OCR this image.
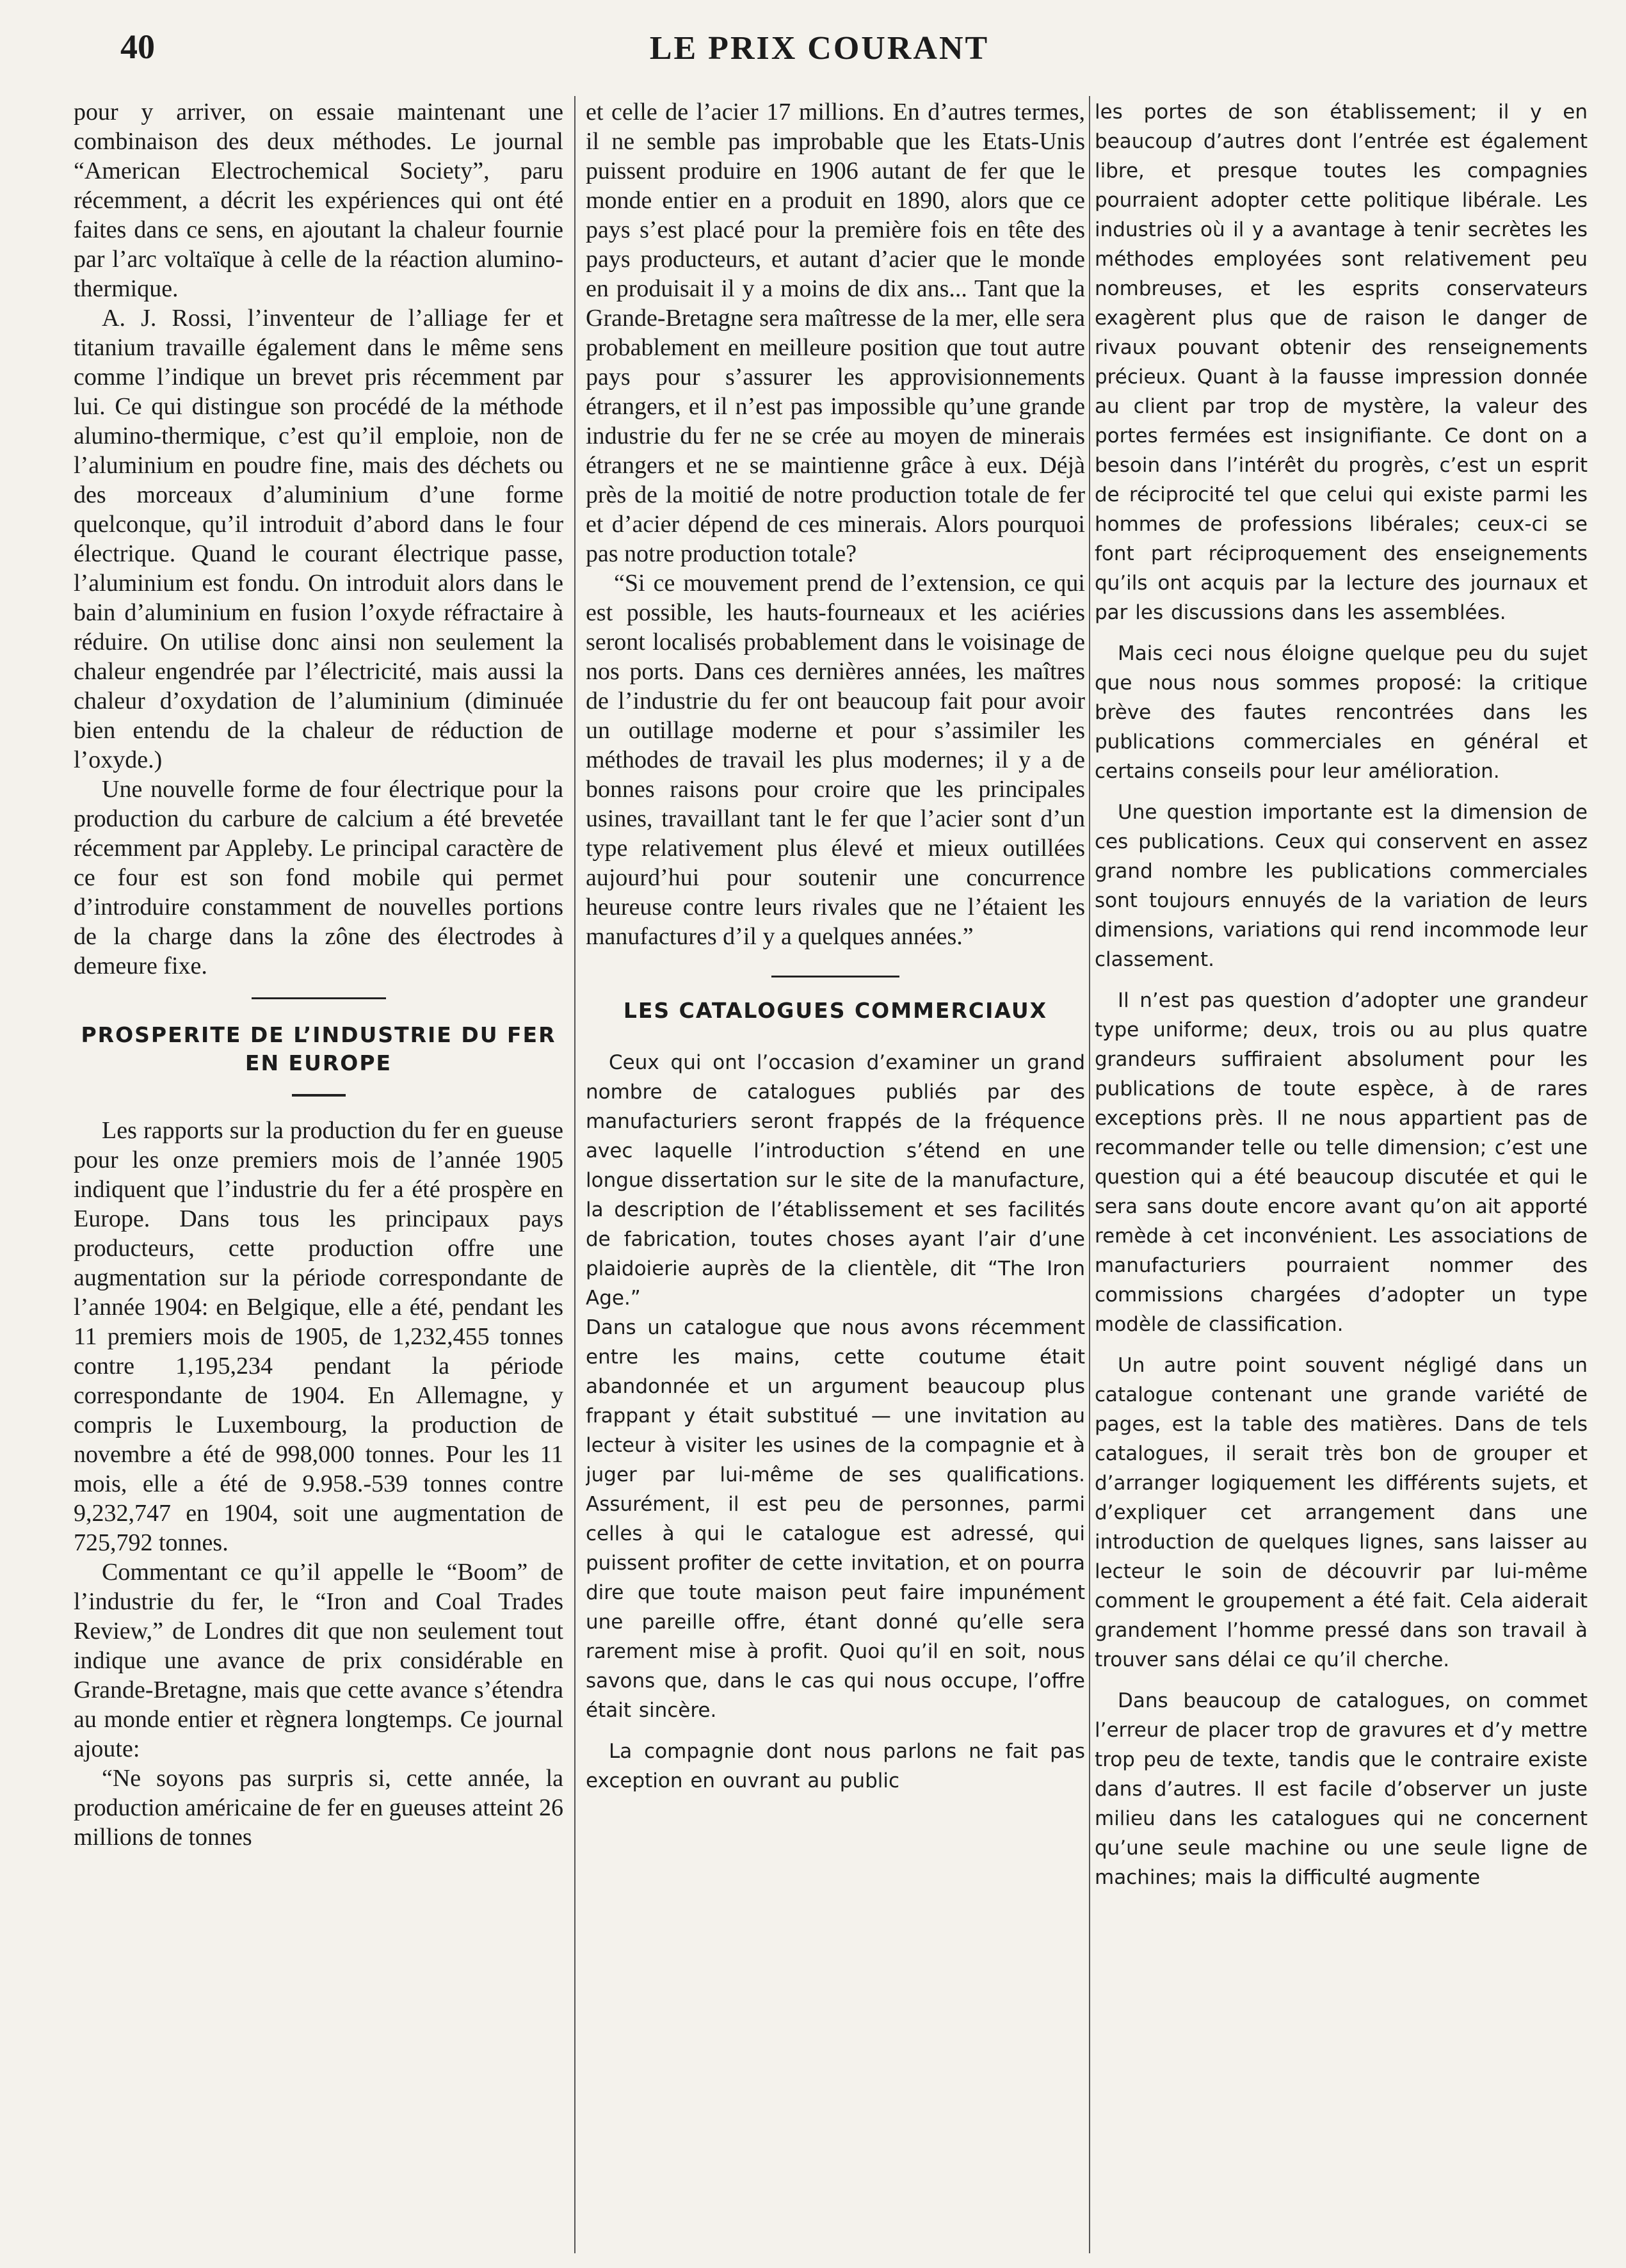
40	LE PRIX COURANT

pour y arriver, on essaie maintenant une combinaison des deux méthodes. Le journal “American Electrochemical Society”, paru récemment, a décrit les expériences qui ont été faites dans ce sens, en ajoutant la chaleur fournie par l’arc voltaïque à celle de la réaction alumino-thermique.

A. J. Rossi, l’inventeur de l’alliage fer et titanium travaille également dans le même sens comme l’indique un brevet pris récemment par lui. Ce qui distingue son procédé de la méthode alumino-thermique, c’est qu’il emploie, non de l’aluminium en poudre fine, mais des déchets ou des morceaux d’aluminium d’une forme quelconque, qu’il introduit d’abord dans le four électrique. Quand le courant électrique passe, l’aluminium est fondu. On introduit alors dans le bain d’aluminium en fusion l’oxyde réfractaire à réduire. On utilise donc ainsi non seulement la chaleur engendrée par l’électricité, mais aussi la chaleur d’oxydation de l’aluminium (diminuée bien entendu de la chaleur de réduction de l’oxyde.)

Une nouvelle forme de four électrique pour la production du carbure de calcium a été brevetée récemment par Appleby. Le principal caractère de ce four est son fond mobile qui permet d’introduire constamment de nouvelles portions de la charge dans la zône des électrodes à demeure fixe.

PROSPERITE DE L’INDUSTRIE DU FER EN EUROPE

Les rapports sur la production du fer en gueuse pour les onze premiers mois de l’année 1905 indiquent que l’industrie du fer a été prospère en Europe. Dans tous les principaux pays producteurs, cette production offre une augmentation sur la période correspondante de l’année 1904: en Belgique, elle a été, pendant les 11 premiers mois de 1905, de 1,232,455 tonnes contre 1,195,234 pendant la période correspondante de 1904. En Allemagne, y compris le Luxembourg, la production de novembre a été de 998,000 tonnes. Pour les 11 mois, elle a été de 9.958.-539 tonnes contre 9,232,747 en 1904, soit une augmentation de 725,792 tonnes.

Commentant ce qu’il appelle le “Boom” de l’industrie du fer, le “Iron and Coal Trades Review,” de Londres dit que non seulement tout indique une avance de prix considérable en Grande-Bretagne, mais que cette avance s’étendra au monde entier et règnera longtemps. Ce journal ajoute:

“Ne soyons pas surpris si, cette année, la production américaine de fer en gueuses atteint 26 millions de tonnes

et celle de l’acier 17 millions. En d’autres termes, il ne semble pas improbable que les Etats-Unis puissent produire en 1906 autant de fer que le monde entier en a produit en 1890, alors que ce pays s’est placé pour la première fois en tête des pays producteurs, et autant d’acier que le monde en produisait il y a moins de dix ans... Tant que la Grande-Bretagne sera maîtresse de la mer, elle sera probablement en meilleure position que tout autre pays pour s’assurer les approvisionnements étrangers, et il n’est pas impossible qu’une grande industrie du fer ne se crée au moyen de minerais étrangers et ne se maintienne grâce à eux. Déjà près de la moitié de notre production totale de fer et d’acier dépend de ces minerais. Alors pourquoi pas notre production totale?

“Si ce mouvement prend de l’extension, ce qui est possible, les hauts-fourneaux et les aciéries seront localisés probablement dans le voisinage de nos ports. Dans ces dernières années, les maîtres de l’industrie du fer ont beaucoup fait pour avoir un outillage moderne et pour s’assimiler les méthodes de travail les plus modernes; il y a de bonnes raisons pour croire que les principales usines, travaillant tant le fer que l’acier sont d’un type relativement plus élevé et mieux outillées aujourd’hui pour soutenir une concurrence heureuse contre leurs rivales que ne l’étaient les manufactures d’il y a quelques années.”

LES CATALOGUES COMMERCIAUX

Ceux qui ont l’occasion d’examiner un grand nombre de catalogues publiés par des manufacturiers seront frappés de la fréquence avec laquelle l’introduction s’étend en une longue dissertation sur le site de la manufacture, la description de l’établissement et ses facilités de fabrication, toutes choses ayant l’air d’une plaidoierie auprès de la clientèle, dit “The Iron Age.”

Dans un catalogue que nous avons récemment entre les mains, cette coutume était abandonnée et un argument beaucoup plus frappant y était substitué — une invitation au lecteur à visiter les usines de la compagnie et à juger par lui-même de ses qualifications. Assurément, il est peu de personnes, parmi celles à qui le catalogue est adressé, qui puissent profiter de cette invitation, et on pourra dire que toute maison peut faire impunément une pareille offre, étant donné qu’elle sera rarement mise à profit. Quoi qu’il en soit, nous savons que, dans le cas qui nous occupe, l’offre était sincère.

La compagnie dont nous parlons ne fait pas exception en ouvrant au public

les portes de son établissement; il y en beaucoup d’autres dont l’entrée est également libre, et presque toutes les compagnies pourraient adopter cette politique libérale. Les industries où il y a avantage à tenir secrètes les méthodes employées sont relativement peu nombreuses, et les esprits conservateurs exagèrent plus que de raison le danger de rivaux pouvant obtenir des renseignements précieux. Quant à la fausse impression donnée au client par trop de mystère, la valeur des portes fermées est insignifiante. Ce dont on a besoin dans l’intérêt du progrès, c’est un esprit de réciprocité tel que celui qui existe parmi les hommes de professions libérales; ceux-ci se font part réciproquement des enseignements qu’ils ont acquis par la lecture des journaux et par les discussions dans les assemblées.

Mais ceci nous éloigne quelque peu du sujet que nous nous sommes proposé: la critique brève des fautes rencontrées dans les publications commerciales en général et certains conseils pour leur amélioration.

Une question importante est la dimension de ces publications. Ceux qui conservent en assez grand nombre les publications commerciales sont toujours ennuyés de la variation de leurs dimensions, variations qui rend incommode leur classement.

Il n’est pas question d’adopter une grandeur type uniforme; deux, trois ou au plus quatre grandeurs suffiraient absolument pour les publications de toute espèce, à de rares exceptions près. Il ne nous appartient pas de recommander telle ou telle dimension; c’est une question qui a été beaucoup discutée et qui le sera sans doute encore avant qu’on ait apporté remède à cet inconvénient. Les associations de manufacturiers pourraient nommer des commissions chargées d’adopter un type modèle de classification.

Un autre point souvent négligé dans un catalogue contenant une grande variété de pages, est la table des matières. Dans de tels catalogues, il serait très bon de grouper et d’arranger logiquement les différents sujets, et d’expliquer cet arrangement dans une introduction de quelques lignes, sans laisser au lecteur le soin de découvrir par lui-même comment le groupement a été fait. Cela aiderait grandement l’homme pressé dans son travail à trouver sans délai ce qu’il cherche.

Dans beaucoup de catalogues, on commet l’erreur de placer trop de gravures et d’y mettre trop peu de texte, tandis que le contraire existe dans d’autres. Il est facile d’observer un juste milieu dans les catalogues qui ne concernent qu’une seule machine ou une seule ligne de machines; mais la difficulté augmente
